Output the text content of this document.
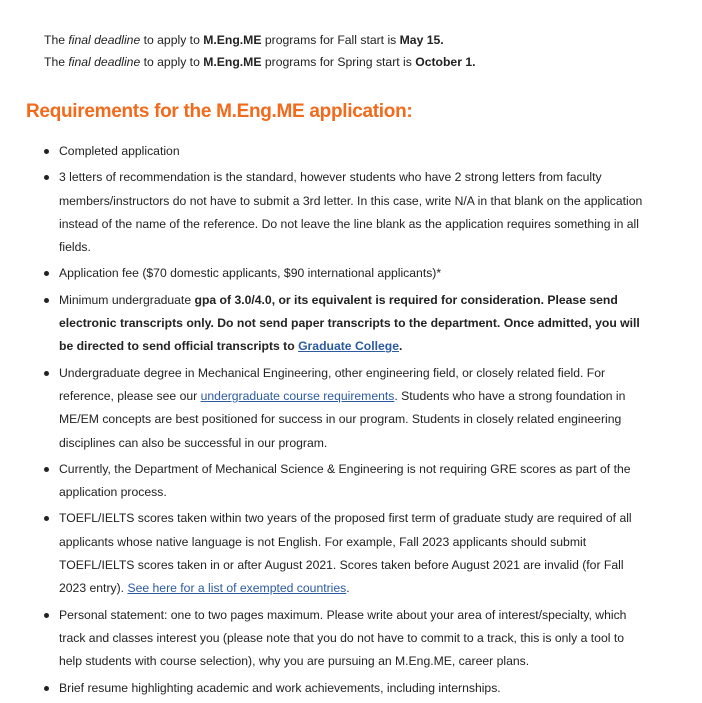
The final deadline to apply to M.Eng.ME programs for Fall start is May 15.

The final deadline to apply to M.Eng.ME programs for Spring start is October 1.

Requirements for the M.Eng.ME application:
Completed application
3 letters of recommendation is the standard, however students who have 2 strong letters from faculty members/instructors do not have to submit a 3rd letter. In this case, write N/A in that blank on the application instead of the name of the reference. Do not leave the line blank as the application requires something in all fields.
Application fee ($70 domestic applicants, $90 international applicants)*
Minimum undergraduate gpa of 3.0/4.0, or its equivalent is required for consideration. Please send electronic transcripts only. Do not send paper transcripts to the department. Once admitted, you will be directed to send official transcripts to Graduate College.
Undergraduate degree in Mechanical Engineering, other engineering field, or closely related field. For reference, please see our undergraduate course requirements. Students who have a strong foundation in ME/EM concepts are best positioned for success in our program. Students in closely related engineering disciplines can also be successful in our program.
Currently, the Department of Mechanical Science & Engineering is not requiring GRE scores as part of the application process.
TOEFL/IELTS scores taken within two years of the proposed first term of graduate study are required of all applicants whose native language is not English. For example, Fall 2023 applicants should submit TOEFL/IELTS scores taken in or after August 2021. Scores taken before August 2021 are invalid (for Fall 2023 entry). See here for a list of exempted countries.
Personal statement: one to two pages maximum. Please write about your area of interest/specialty, which track and classes interest you (please note that you do not have to commit to a track, this is only a tool to help students with course selection), why you are pursuing an M.Eng.ME, career plans.
Brief resume highlighting academic and work achievements, including internships.
